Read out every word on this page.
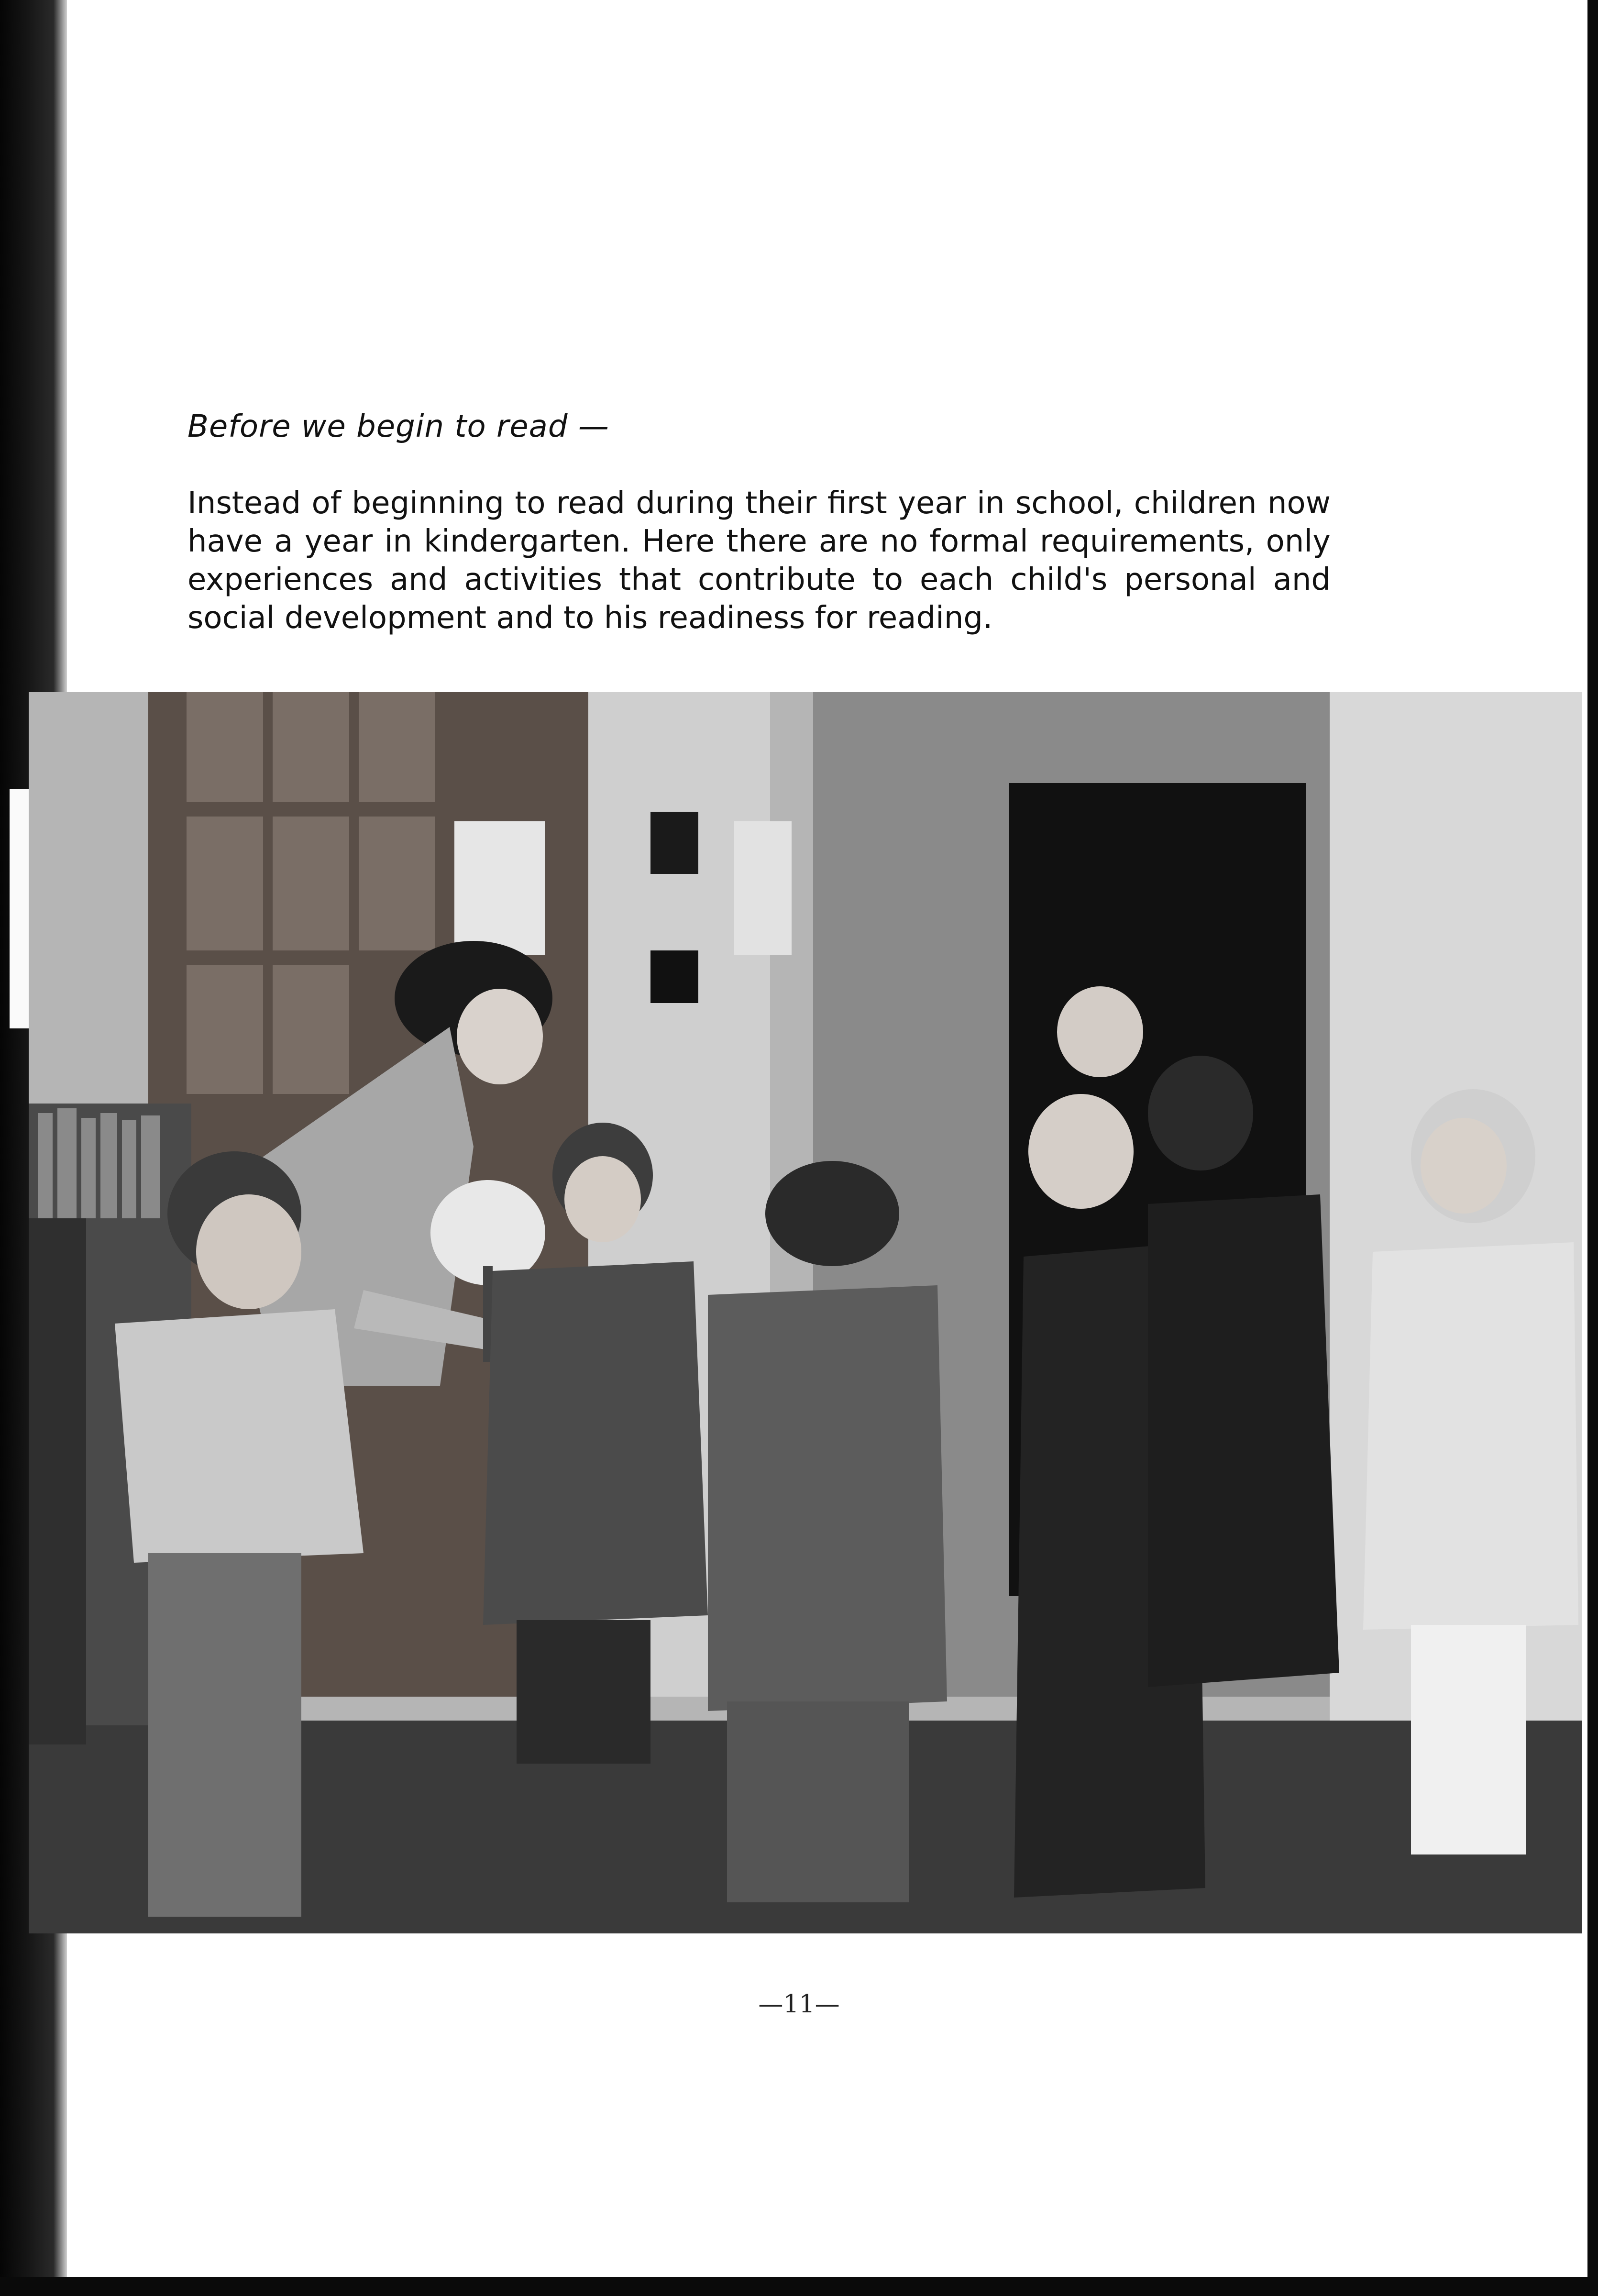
Before we begin to read —
Instead of beginning to read during their first year in school, children now have a year in kindergarten. Here there are no formal requirements, only experiences and activities that contribute to each child's personal and social development and to his readiness for reading.
—11—
